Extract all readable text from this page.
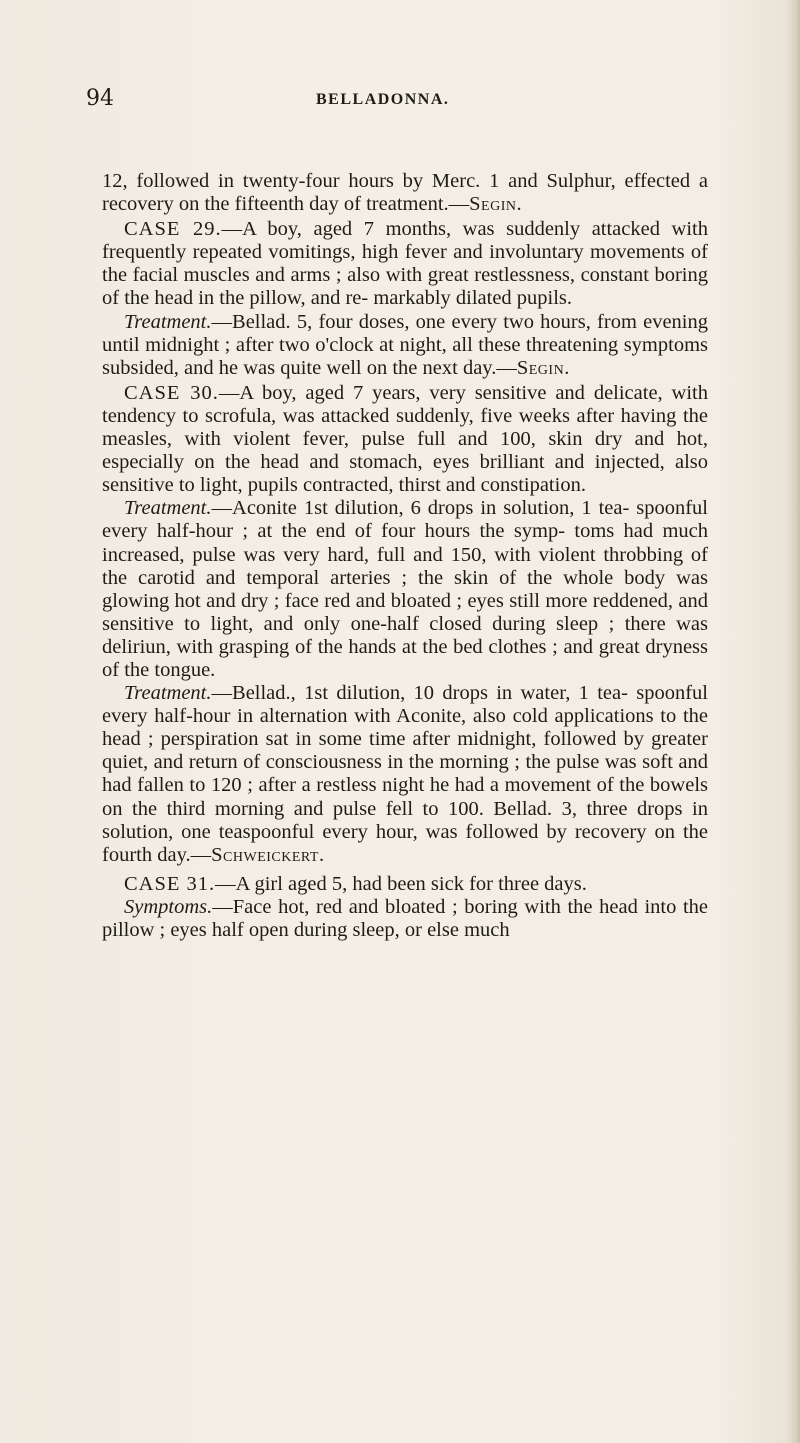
94	BELLADONNA.

12, followed in twenty-four hours by Merc. 1 and Sulphur, effected a recovery on the fifteenth day of treatment.—Segin.

CASE 29.—A boy, aged 7 months, was suddenly attacked with frequently repeated vomitings, high fever and involuntary movements of the facial muscles and arms ; also with great restlessness, constant boring of the head in the pillow, and re- markably dilated pupils.

Treatment.—Bellad. 5, four doses, one every two hours, from evening until midnight ; after two o'clock at night, all these threatening symptoms subsided, and he was quite well on the next day.—Segin.

CASE 30.—A boy, aged 7 years, very sensitive and delicate, with tendency to scrofula, was attacked suddenly, five weeks after having the measles, with violent fever, pulse full and 100, skin dry and hot, especially on the head and stomach, eyes brilliant and injected, also sensitive to light, pupils contracted, thirst and constipation.

Treatment.—Aconite 1st dilution, 6 drops in solution, 1 tea- spoonful every half-hour ; at the end of four hours the symp- toms had much increased, pulse was very hard, full and 150, with violent throbbing of the carotid and temporal arteries ; the skin of the whole body was glowing hot and dry ; face red and bloated ; eyes still more reddened, and sensitive to light, and only one-half closed during sleep ; there was deliriun, with grasping of the hands at the bed clothes ; and great dryness of the tongue.

Treatment.—Bellad., 1st dilution, 10 drops in water, 1 tea- spoonful every half-hour in alternation with Aconite, also cold applications to the head ; perspiration sat in some time after midnight, followed by greater quiet, and return of consciousness in the morning ; the pulse was soft and had fallen to 120 ; after a restless night he had a movement of the bowels on the third morning and pulse fell to 100. Bellad. 3, three drops in solution, one teaspoonful every hour, was followed by recovery on the fourth day.—Schweickert.

CASE 31.—A girl aged 5, had been sick for three days.

Symptoms.—Face hot, red and bloated ; boring with the head into the pillow ; eyes half open during sleep, or else much
